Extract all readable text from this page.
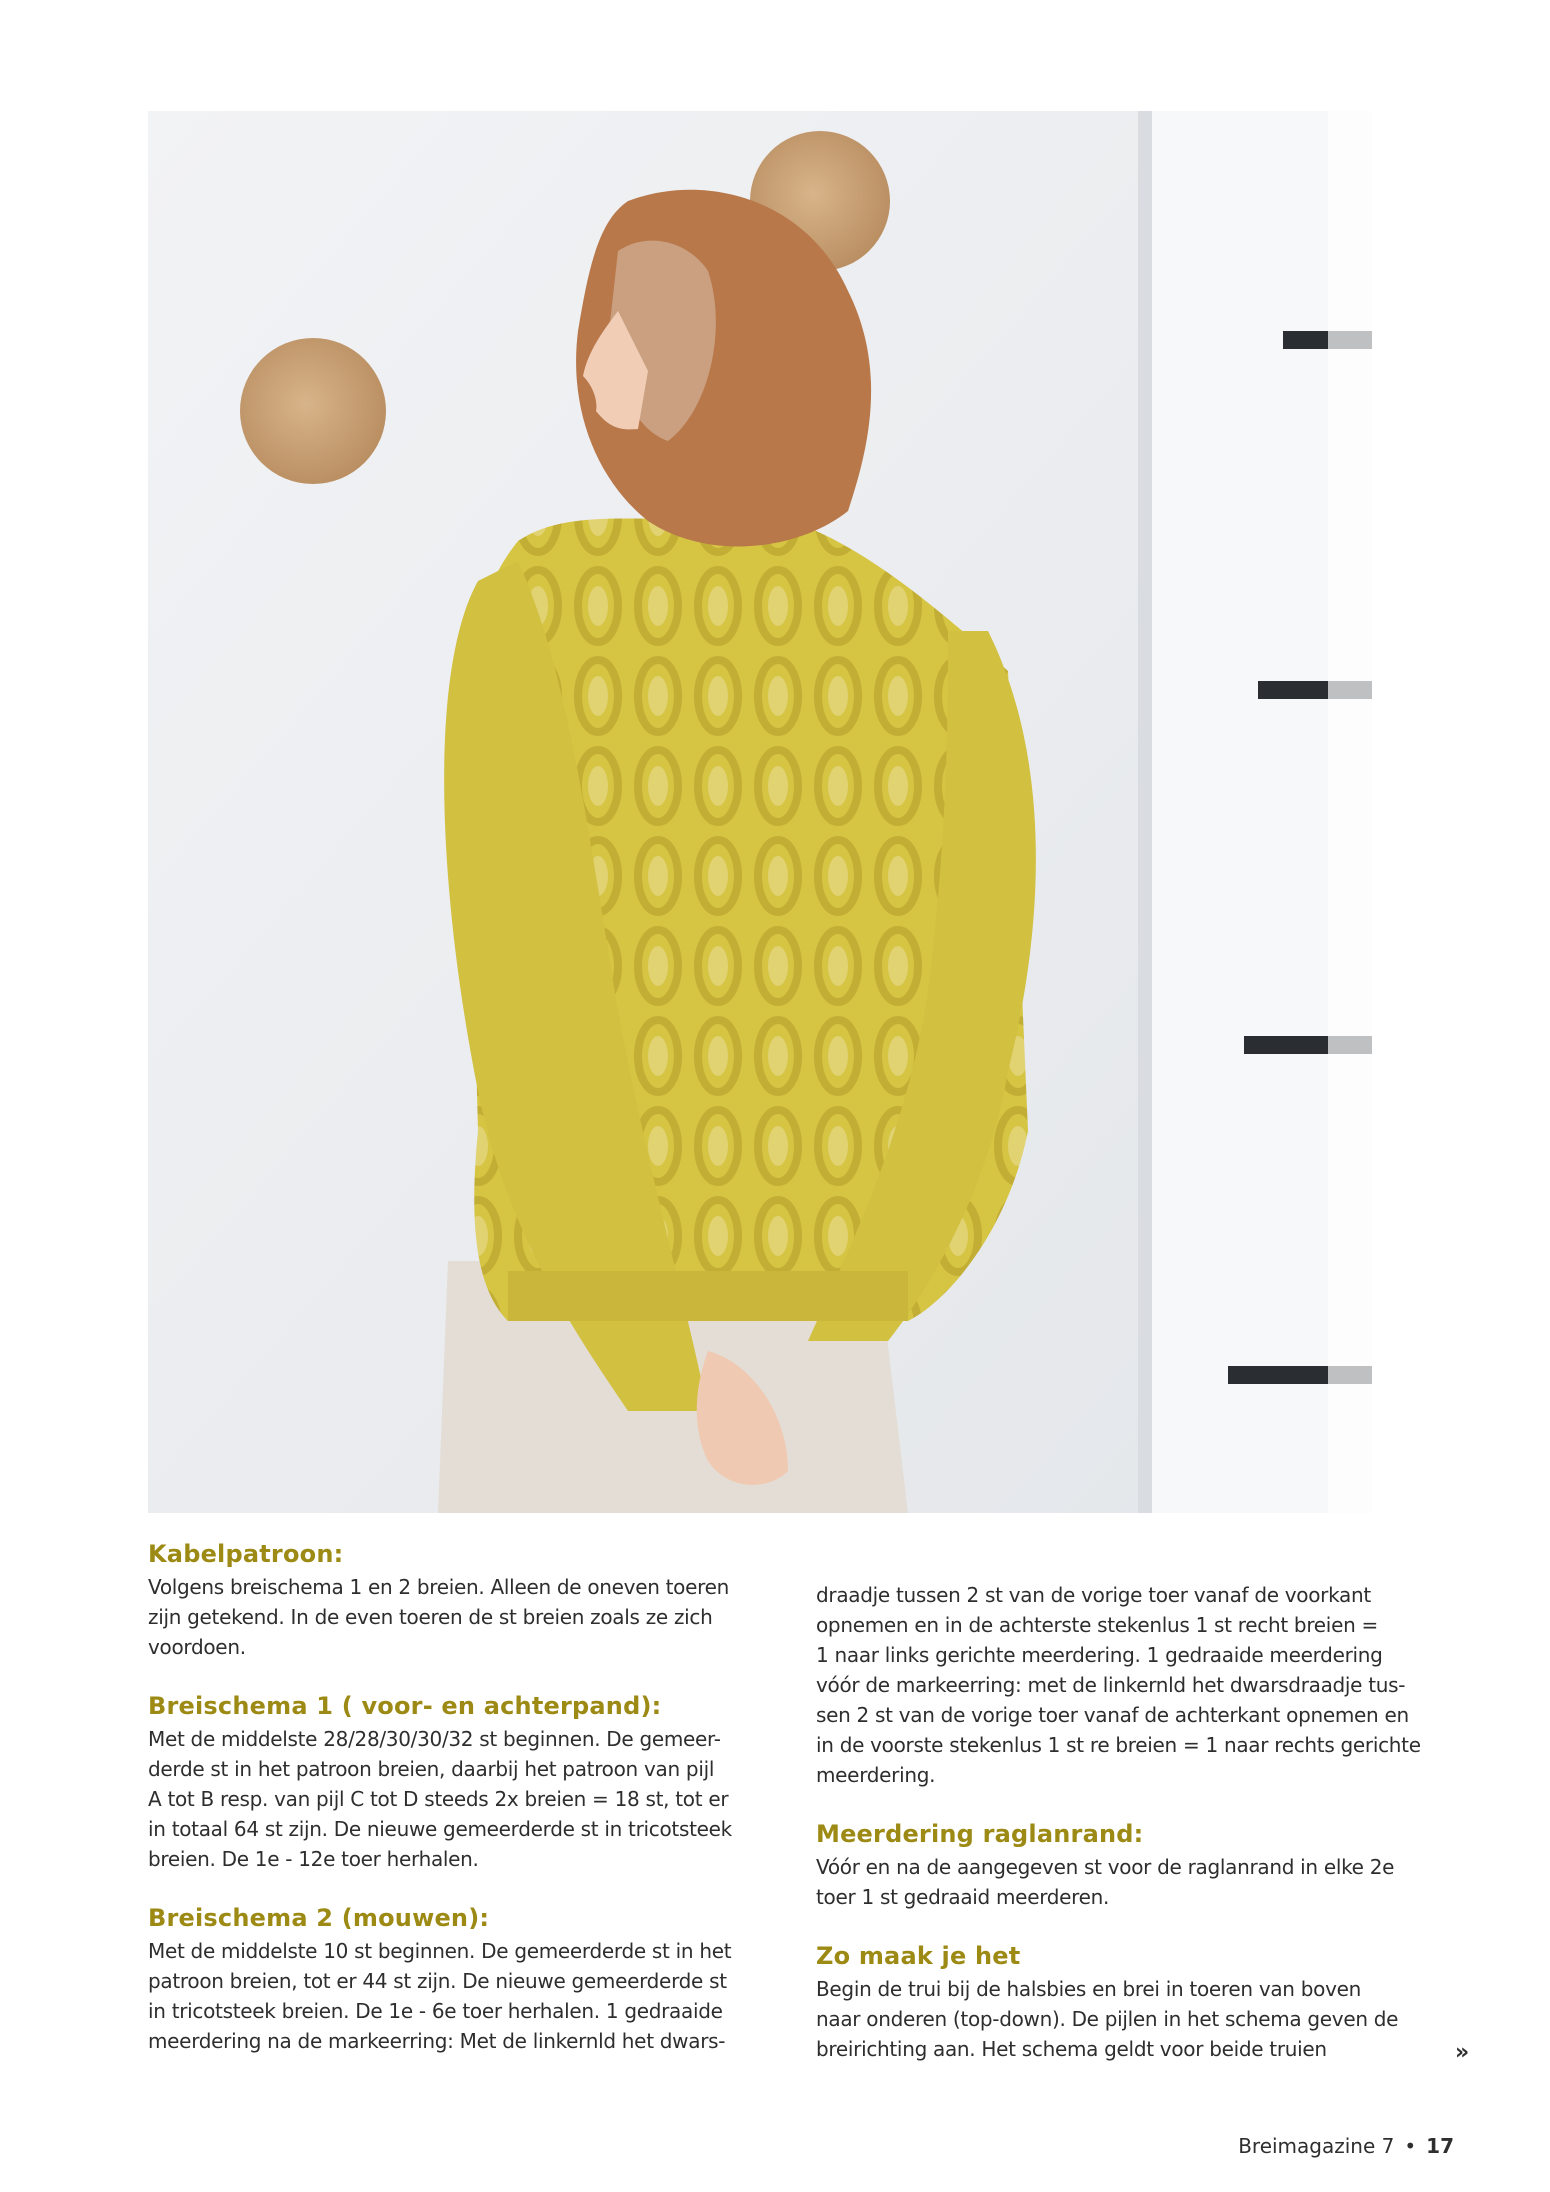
Kabelpatroon:

Volgens breischema 1 en 2 breien. Alleen de oneven toeren
zijn getekend. In de even toeren de st breien zoals ze zich
voordoen.

Breischema 1 ( voor- en achterpand):

Met de middelste 28/28/30/30/32 st beginnen. De gemeer-
derde st in het patroon breien, daarbij het patroon van pijl
A tot B resp. van pijl C tot D steeds 2x breien = 18 st, tot er
in totaal 64 st zijn. De nieuwe gemeerderde st in tricotsteek
breien. De 1e - 12e toer herhalen.

Breischema 2 (mouwen):

Met de middelste 10 st beginnen. De gemeerderde st in het
patroon breien, tot er 44 st zijn. De nieuwe gemeerderde st
in tricotsteek breien. De 1e - 6e toer herhalen. 1 gedraaide
meerdering na de markeerring: Met de linkernld het dwars-

draadje tussen 2 st van de vorige toer vanaf de voorkant
opnemen en in de achterste stekenlus 1 st recht breien =
1 naar links gerichte meerdering. 1 gedraaide meerdering
vóór de markeerring: met de linkernld het dwarsdraadje tus-
sen 2 st van de vorige toer vanaf de achterkant opnemen en
in de voorste stekenlus 1 st re breien = 1 naar rechts gerichte
meerdering.

Meerdering raglanrand:

Vóór en na de aangegeven st voor de raglanrand in elke 2e
toer 1 st gedraaid meerderen.

Zo maak je het

Begin de trui bij de halsbies en brei in toeren van boven
naar onderen (top-down). De pijlen in het schema geven de
breirichting aan. Het schema geldt voor beide truien	»
Breimagazine 7 • 17
